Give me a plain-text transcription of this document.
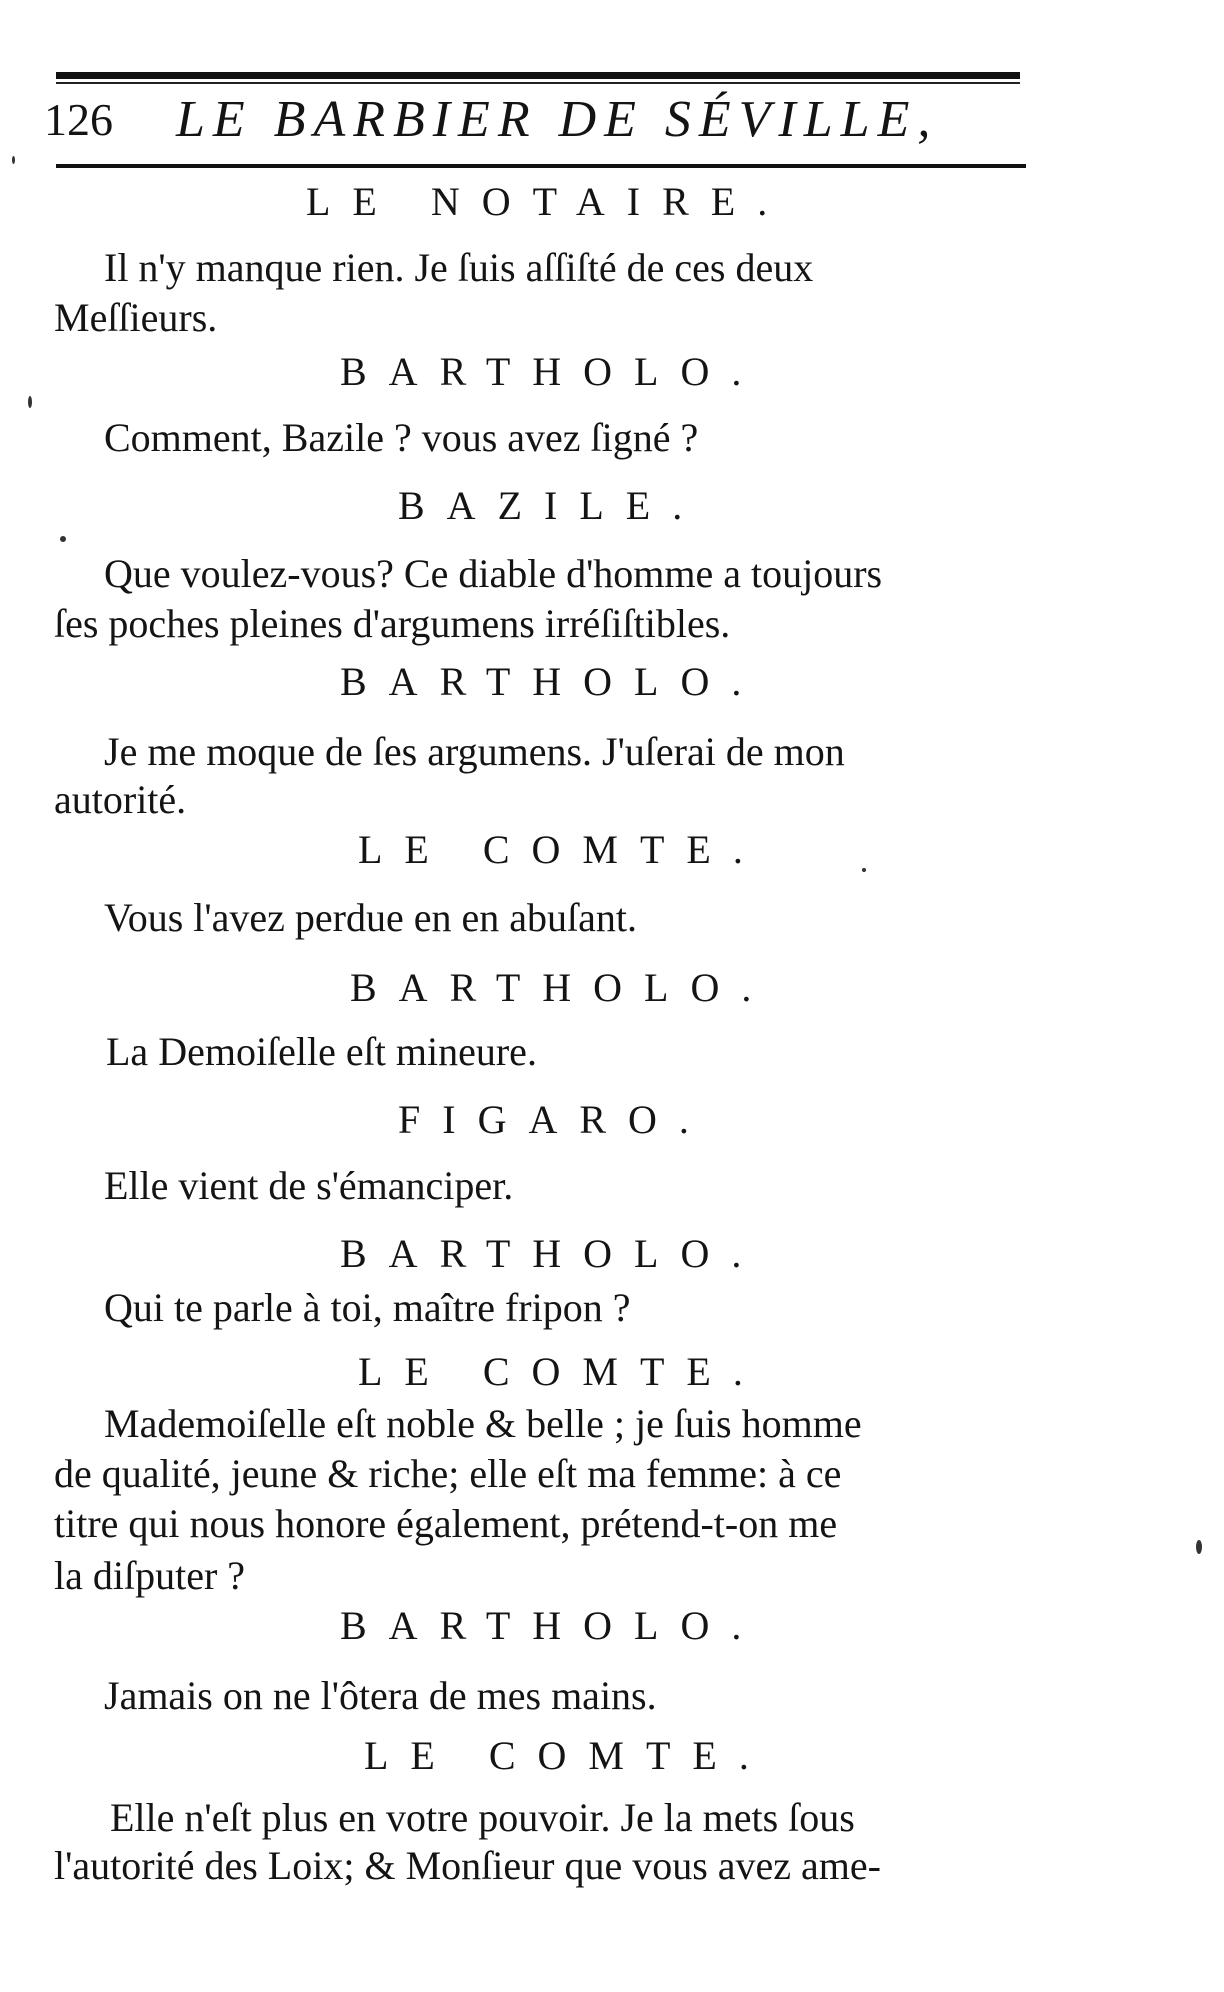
126 LE BARBIER DE SÉVILLE,
LE NOTAIRE.
Il n'y manque rien. Je ſuis aſſiſté de ces deux
Meſſieurs.
BARTHOLO.
Comment, Bazile ? vous avez ſigné ?
BAZILE.
Que voulez-vous? Ce diable d'homme a toujours
ſes poches pleines d'argumens irréſiſtibles.
BARTHOLO.
Je me moque de ſes argumens. J'uſerai de mon
autorité.
LE COMTE.
Vous l'avez perdue en en abuſant.
BARTHOLO.
La Demoiſelle eſt mineure.
FIGARO.
Elle vient de s'émanciper.
BARTHOLO.
Qui te parle à toi, maître fripon ?
LE COMTE.
Mademoiſelle eſt noble & belle ; je ſuis homme
de qualité, jeune & riche; elle eſt ma femme: à ce
titre qui nous honore également, prétend-t-on me
la diſputer ?
BARTHOLO.
Jamais on ne l'ôtera de mes mains.
LE COMTE.
Elle n'eſt plus en votre pouvoir. Je la mets ſous
l'autorité des Loix; & Monſieur que vous avez ame-
